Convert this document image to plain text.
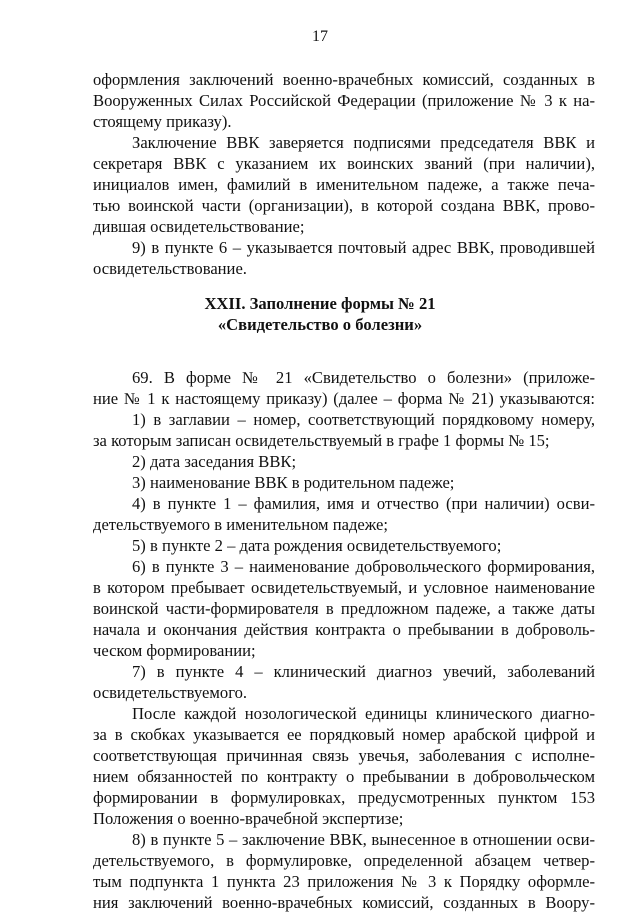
17
оформления заключений военно-врачебных комиссий, созданных в
Вооруженных Силах Российской Федерации (приложение № 3 к на-
стоящему приказу).
Заключение ВВК заверяется подписями председателя ВВК и
секретаря ВВК с указанием их воинских званий (при наличии),
инициалов имен, фамилий в именительном падеже, а также печа-
тью воинской части (организации), в которой создана ВВК, прово-
дившая освидетельствование;
9) в пункте 6 – указывается почтовый адрес ВВК, проводившей
освидетельствование.
XXII. Заполнение формы № 21
«Свидетельство о болезни»
69. В форме № 21 «Свидетельство о болезни» (приложе-
ние № 1 к настоящему приказу) (далее – форма № 21) указываются:
1) в заглавии – номер, соответствующий порядковому номеру,
за которым записан освидетельствуемый в графе 1 формы № 15;
2) дата заседания ВВК;
3) наименование ВВК в родительном падеже;
4) в пункте 1 – фамилия, имя и отчество (при наличии) осви-
детельствуемого в именительном падеже;
5) в пункте 2 – дата рождения освидетельствуемого;
6) в пункте 3 – наименование добровольческого формирования,
в котором пребывает освидетельствуемый, и условное наименование
воинской части-формирователя в предложном падеже, а также даты
начала и окончания действия контракта о пребывании в доброволь-
ческом формировании;
7) в пункте 4 – клинический диагноз увечий, заболеваний
освидетельствуемого.
После каждой нозологической единицы клинического диагно-
за в скобках указывается ее порядковый номер арабской цифрой и
соответствующая причинная связь увечья, заболевания с исполне-
нием обязанностей по контракту о пребывании в добровольческом
формировании в формулировках, предусмотренных пунктом 153
Положения о военно-врачебной экспертизе;
8) в пункте 5 – заключение ВВК, вынесенное в отношении осви-
детельствуемого, в формулировке, определенной абзацем четвер-
тым подпункта 1 пункта 23 приложения № 3 к Порядку оформле-
ния заключений военно-врачебных комиссий, созданных в Воору-
